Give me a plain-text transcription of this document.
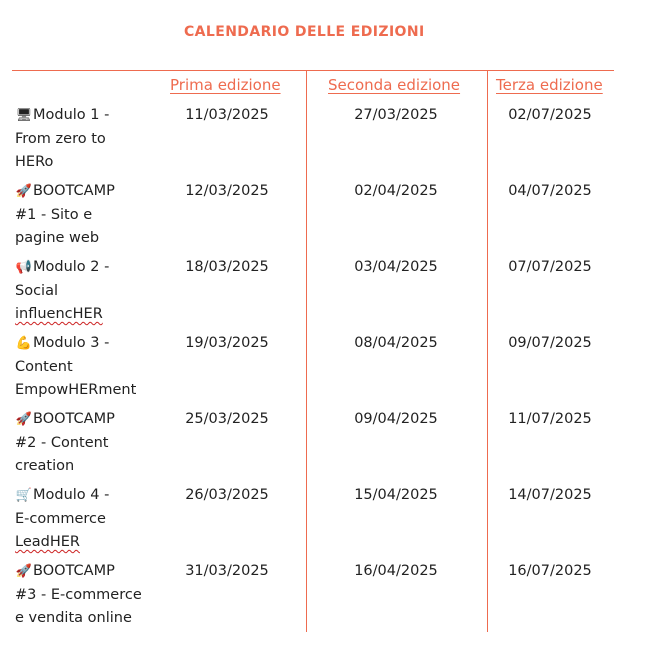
CALENDARIO DELLE EDIZIONI
Prima edizione	Seconda edizione Terza edizione
🖥Modulo 1 -
From zero to
HERo
11/03/2025	27/03/2025	02/07/2025
🚀BOOTCAMP
#1 - Sito e
pagine web
12/03/2025	02/04/2025	04/07/2025
📢Modulo 2 -
Social
influencHER
18/03/2025	03/04/2025	07/07/2025
💪Modulo 3 -
Content
EmpowHERment
19/03/2025	08/04/2025	09/07/2025
🚀BOOTCAMP
#2 - Content
creation
25/03/2025	09/04/2025	11/07/2025
🛒Modulo 4 -
E-commerce
LeadHER
26/03/2025	15/04/2025	14/07/2025
🚀BOOTCAMP
#3 - E-commerce
e vendita online
31/03/2025	16/04/2025	16/07/2025
